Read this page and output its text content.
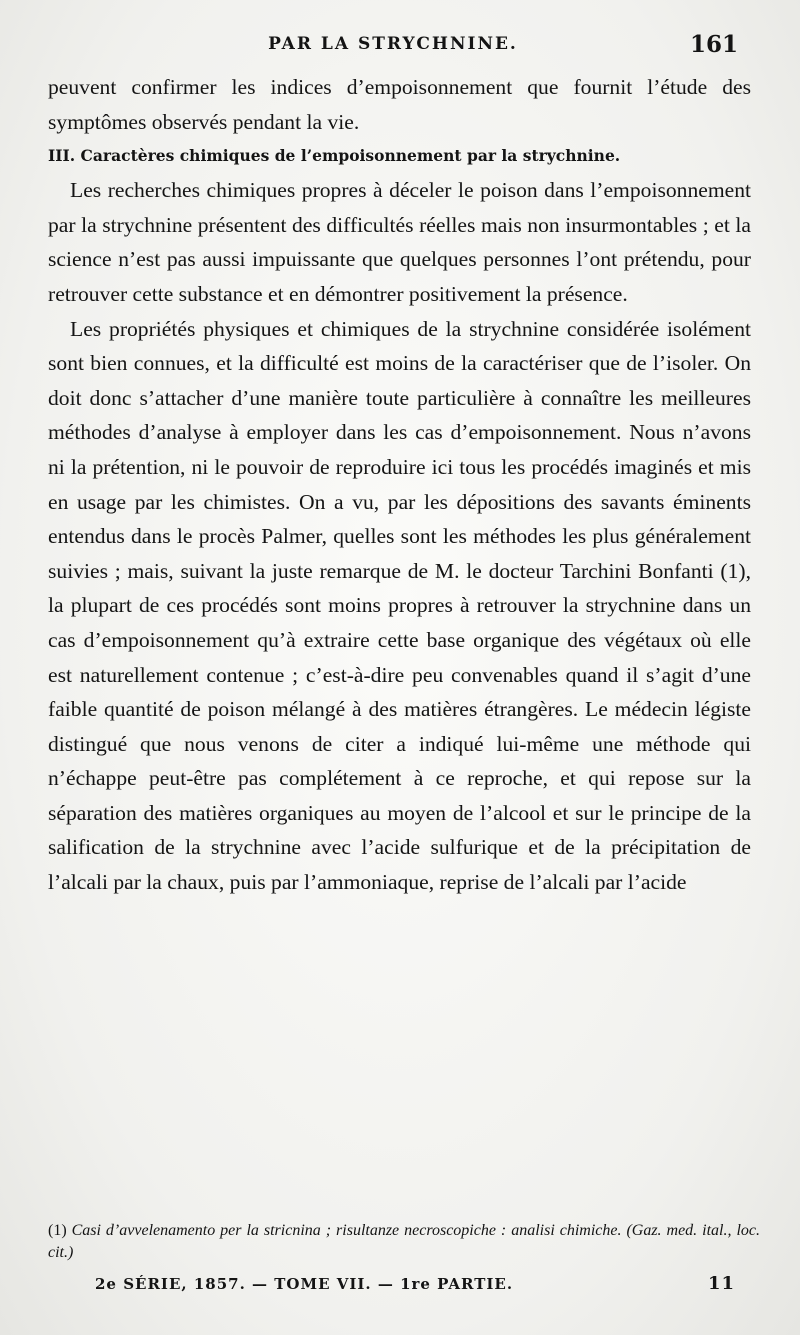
PAR LA STRYCHNINE.	161

peuvent confirmer les indices d’empoisonnement que fournit l’étude des symptômes observés pendant la vie.

III. Caractères chimiques de l’empoisonnement par la strychnine.

Les recherches chimiques propres à déceler le poison dans l’empoisonnement par la strychnine présentent des difficultés réelles mais non insurmontables ; et la science n’est pas aussi impuissante que quelques personnes l’ont prétendu, pour retrouver cette substance et en démontrer positivement la présence.

Les propriétés physiques et chimiques de la strychnine considérée isolément sont bien connues, et la difficulté est moins de la caractériser que de l’isoler. On doit donc s’attacher d’une manière toute particulière à connaître les meilleures méthodes d’analyse à employer dans les cas d’empoisonnement. Nous n’avons ni la prétention, ni le pouvoir de reproduire ici tous les procédés imaginés et mis en usage par les chimistes. On a vu, par les dépositions des savants éminents entendus dans le procès Palmer, quelles sont les méthodes les plus généralement suivies ; mais, suivant la juste remarque de M. le docteur Tarchini Bonfanti (1), la plupart de ces procédés sont moins propres à retrouver la strychnine dans un cas d’empoisonnement qu’à extraire cette base organique des végétaux où elle est naturellement contenue ; c’est-à-dire peu convenables quand il s’agit d’une faible quantité de poison mélangé à des matières étrangères. Le médecin légiste distingué que nous venons de citer a indiqué lui-même une méthode qui n’échappe peut-être pas complétement à ce reproche, et qui repose sur la séparation des matières organiques au moyen de l’alcool et sur le principe de la salification de la strychnine avec l’acide sulfurique et de la précipitation de l’alcali par la chaux, puis par l’ammoniaque, reprise de l’alcali par l’acide

(1) Casi d’avvelenamento per la stricnina ; risultanze necroscopiche : analisi chimiche. (Gaz. med. ital., loc. cit.)
2e SÉRIE, 1857. — TOME VII. — 1re PARTIE.	11
